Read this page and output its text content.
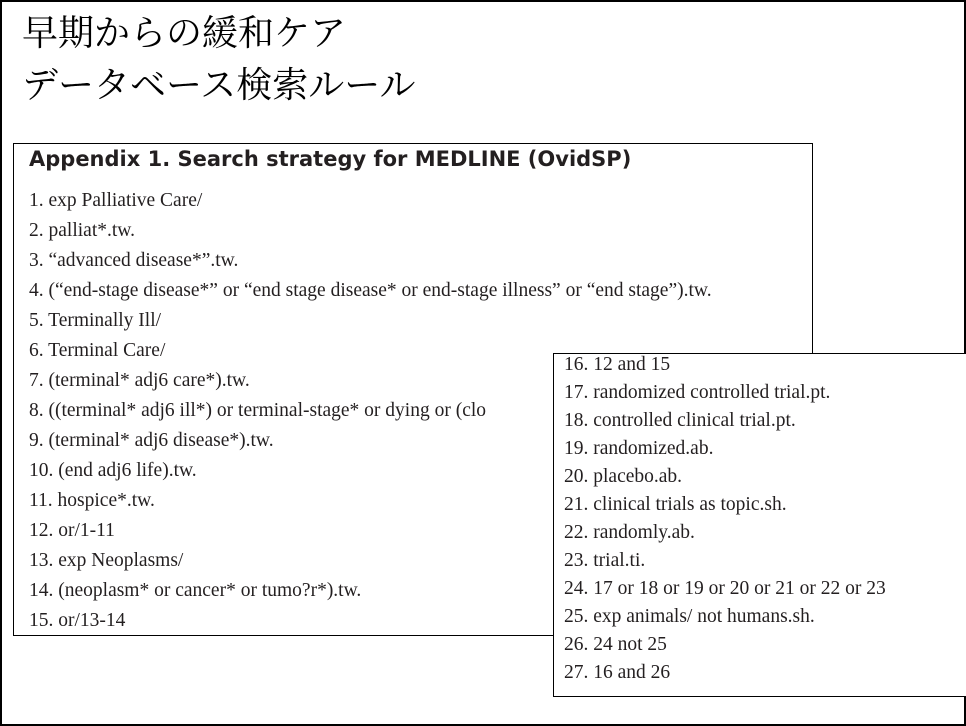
早期からの緩和ケア
データベース検索ルール
Appendix 1. Search strategy for MEDLINE (OvidSP)
1. exp Palliative Care/
2. palliat*.tw.
3. “advanced disease*”.tw.
4. (“end-stage disease*” or “end stage disease* or end-stage illness” or “end stage”).tw.
5. Terminally Ill/
6. Terminal Care/
7. (terminal* adj6 care*).tw.
8. ((terminal* adj6 ill*) or terminal-stage* or dying or (clo
9. (terminal* adj6 disease*).tw.
10. (end adj6 life).tw.
11. hospice*.tw.
12. or/1-11
13. exp Neoplasms/
14. (neoplasm* or cancer* or tumo?r*).tw.
15. or/13-14
16. 12 and 15
17. randomized controlled trial.pt.
18. controlled clinical trial.pt.
19. randomized.ab.
20. placebo.ab.
21. clinical trials as topic.sh.
22. randomly.ab.
23. trial.ti.
24. 17 or 18 or 19 or 20 or 21 or 22 or 23
25. exp animals/ not humans.sh.
26. 24 not 25
27. 16 and 26
